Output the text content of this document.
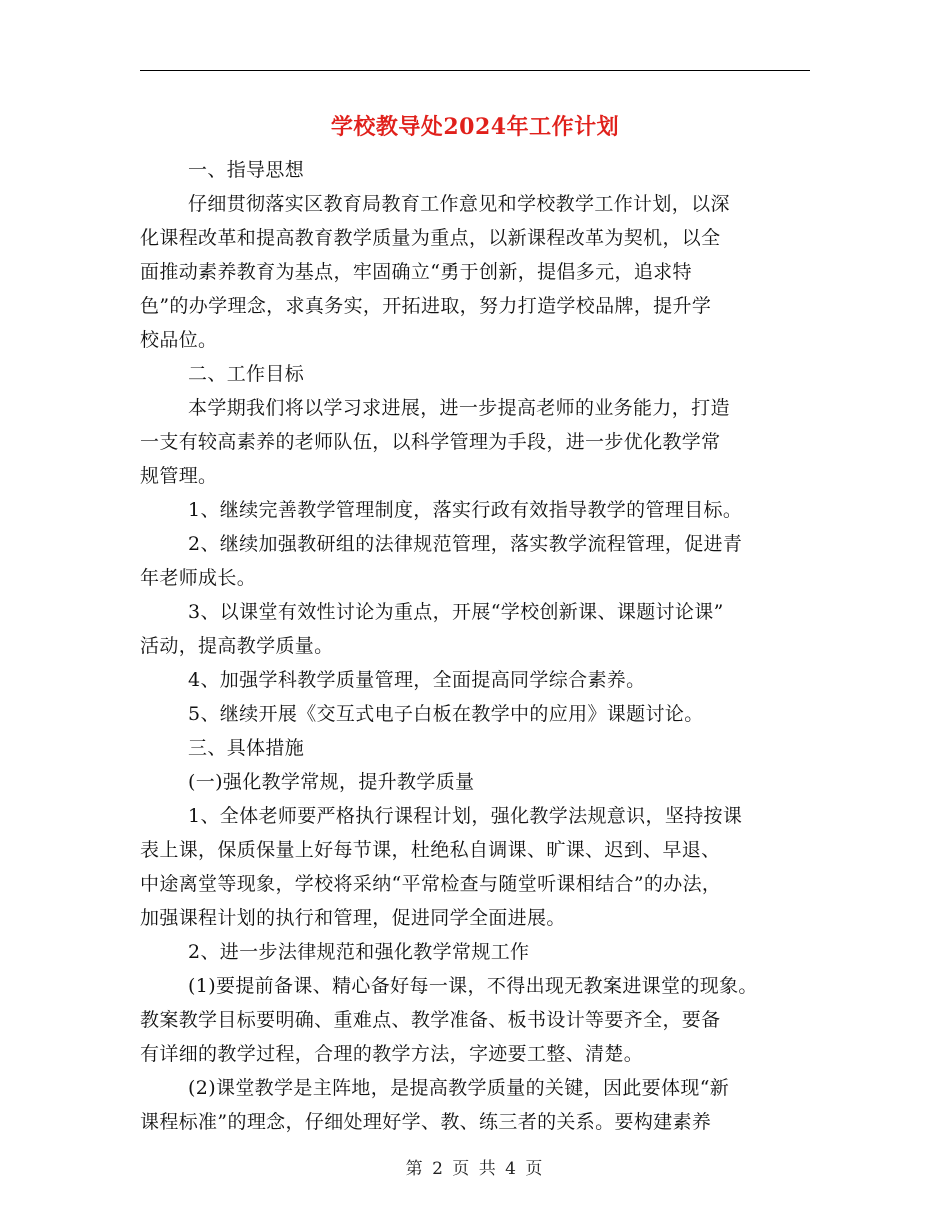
学校教导处2024年工作计划
一、指导思想
仔细贯彻落实区教育局教育工作意见和学校教学工作计划，以深
化课程改革和提高教育教学质量为重点，以新课程改革为契机，以全
面推动素养教育为基点，牢固确立“勇于创新，提倡多元，追求特
色”的办学理念，求真务实，开拓进取，努力打造学校品牌，提升学
校品位。
二、工作目标
本学期我们将以学习求进展，进一步提高老师的业务能力，打造
一支有较高素养的老师队伍，以科学管理为手段，进一步优化教学常
规管理。
1、继续完善教学管理制度，落实行政有效指导教学的管理目标。
2、继续加强教研组的法律规范管理，落实教学流程管理，促进青
年老师成长。
3、以课堂有效性讨论为重点，开展“学校创新课、课题讨论课”
活动，提高教学质量。
4、加强学科教学质量管理，全面提高同学综合素养。
5、继续开展《交互式电子白板在教学中的应用》课题讨论。
三、具体措施
(一)强化教学常规，提升教学质量
1、全体老师要严格执行课程计划，强化教学法规意识，坚持按课
表上课，保质保量上好每节课，杜绝私自调课、旷课、迟到、早退、
中途离堂等现象，学校将采纳“平常检查与随堂听课相结合”的办法，
加强课程计划的执行和管理，促进同学全面进展。
2、进一步法律规范和强化教学常规工作
(1)要提前备课、精心备好每一课，不得出现无教案进课堂的现象。
教案教学目标要明确、重难点、教学准备、板书设计等要齐全，要备
有详细的教学过程，合理的教学方法，字迹要工整、清楚。
(2)课堂教学是主阵地，是提高教学质量的关键，因此要体现“新
课程标准”的理念，仔细处理好学、教、练三者的关系。要构建素养
第 2 页 共 4 页
